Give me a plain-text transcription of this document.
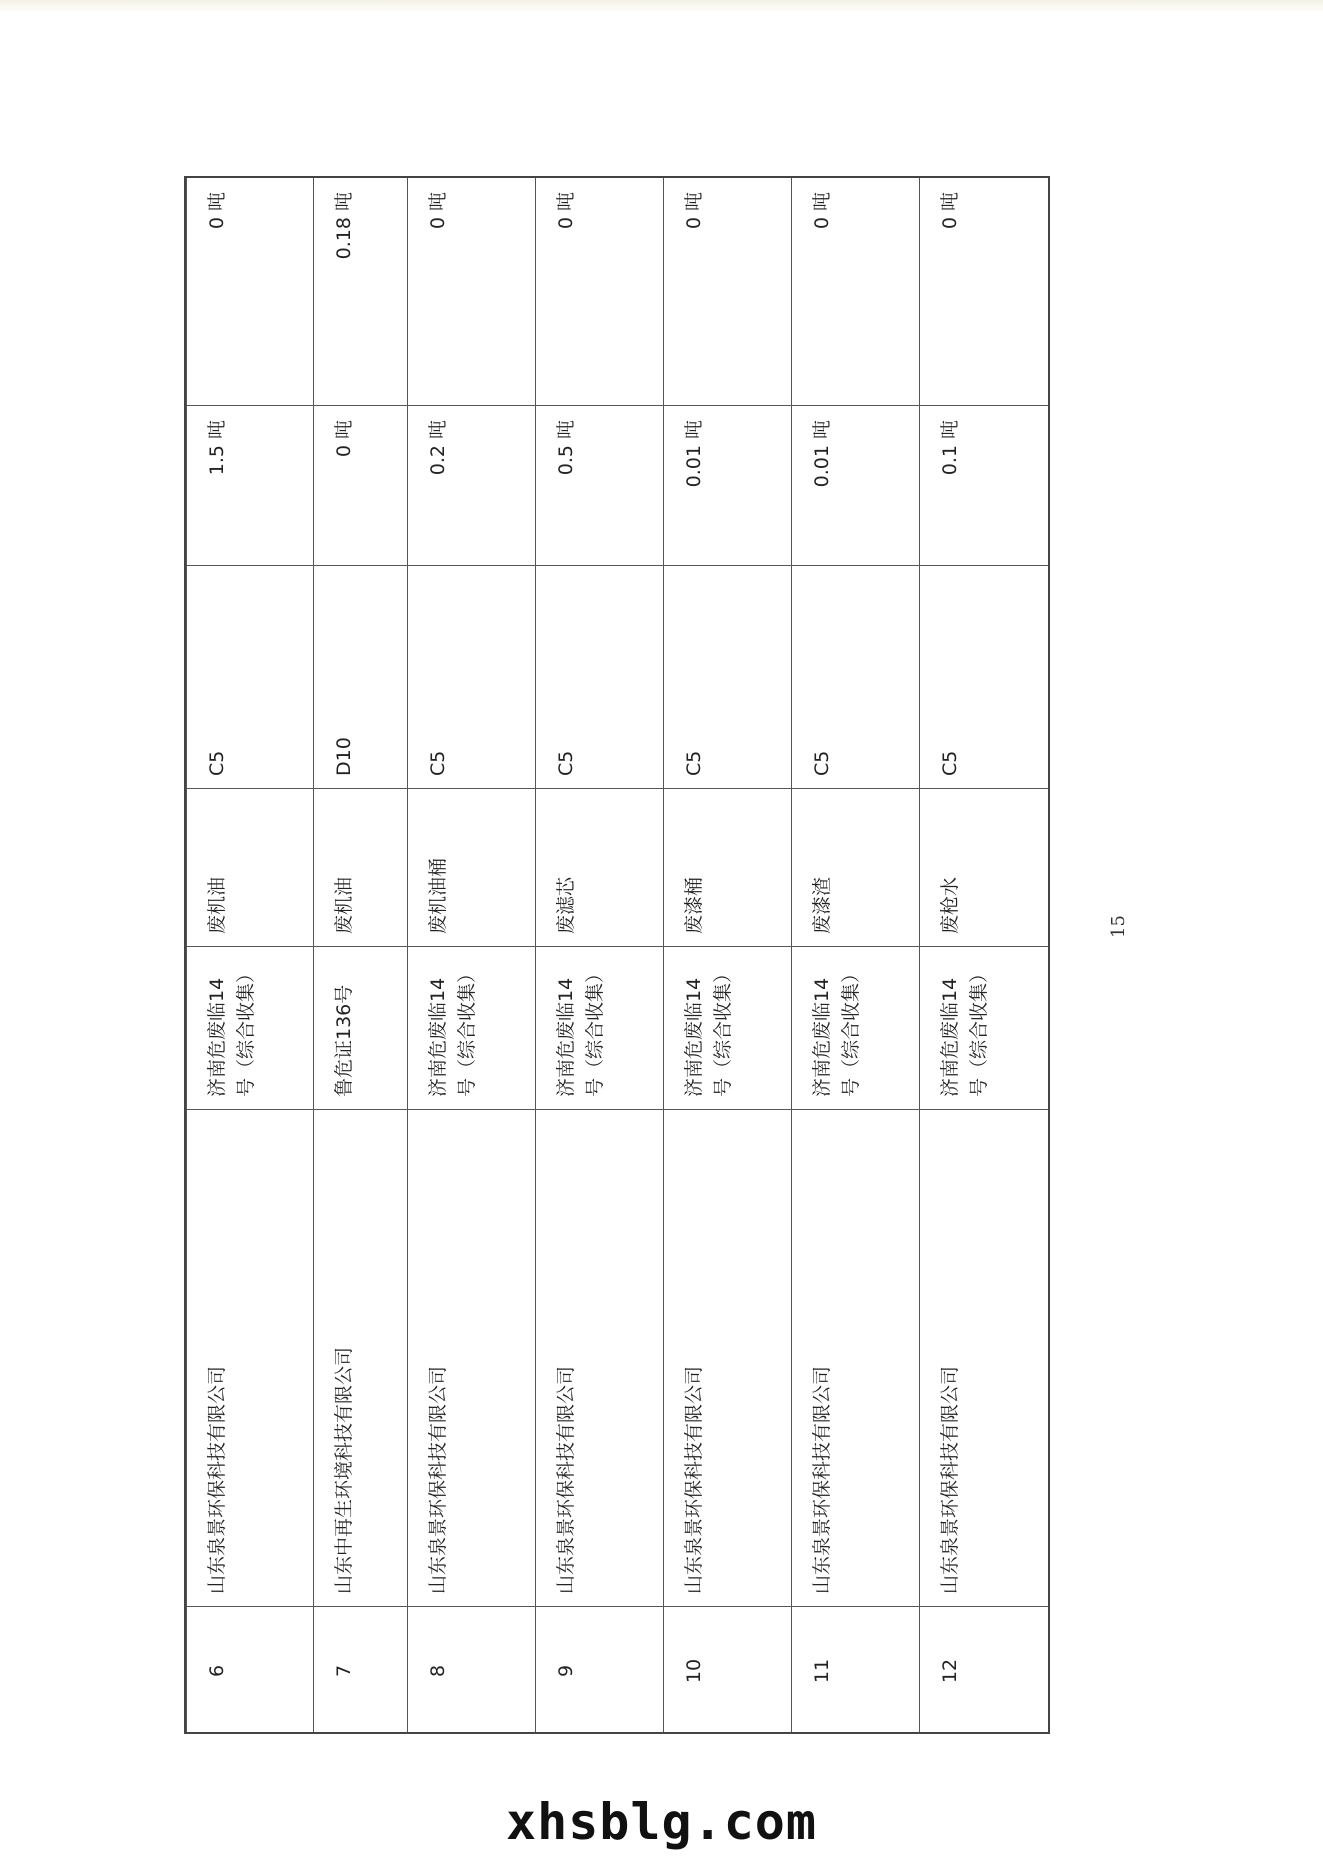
6	山东泉景环保科技有限公司	济南危废临14号（综合收集）	废机油	C5	1.5 吨	0 吨
7	山东中再生环境科技有限公司	鲁危证136号	废机油	D10	0 吨	0.18 吨
8	山东泉景环保科技有限公司	济南危废临14号（综合收集）	废机油桶	C5	0.2 吨	0 吨
9	山东泉景环保科技有限公司	济南危废临14号（综合收集）	废滤芯	C5	0.5 吨	0 吨
10	山东泉景环保科技有限公司	济南危废临14号（综合收集）	废漆桶	C5	0.01 吨	0 吨
11	山东泉景环保科技有限公司	济南危废临14号（综合收集）	废漆渣	C5	0.01 吨	0 吨
12	山东泉景环保科技有限公司	济南危废临14号（综合收集）	废枪水	C5	0.1 吨	0 吨
15
xhsblg.com
